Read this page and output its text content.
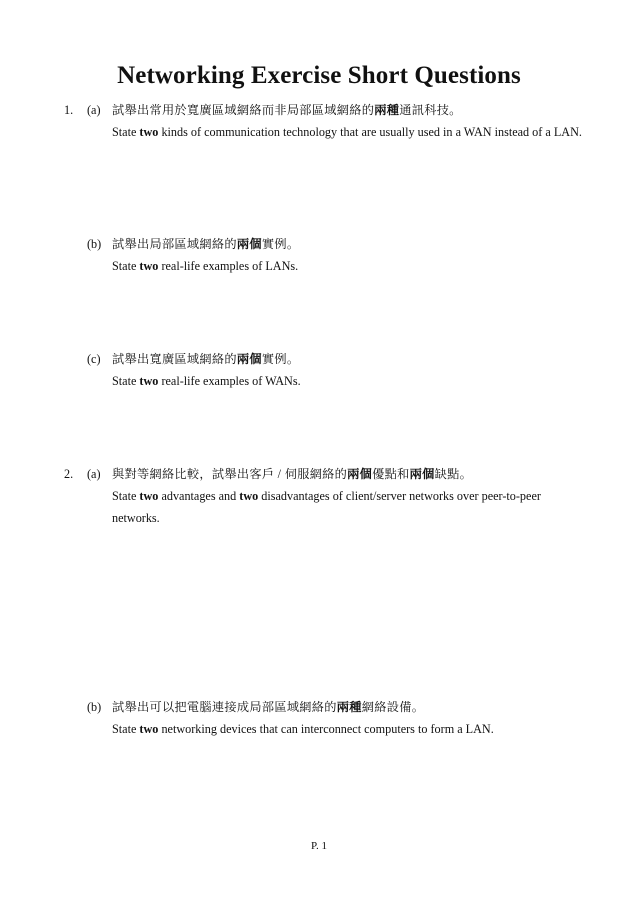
Networking Exercise Short Questions
1. (a) 試舉出常用於寬廣區域網絡而非局部區域網絡的兩種通訊科技。
State two kinds of communication technology that are usually used in a WAN instead of a LAN.
(b) 試舉出局部區域網絡的兩個實例。
State two real-life examples of LANs.
(c) 試舉出寬廣區域網絡的兩個實例。
State two real-life examples of WANs.
2. (a) 與對等網絡比較，試舉出客戶 / 伺服網絡的兩個優點和兩個缺點。
State two advantages and two disadvantages of client/server networks over peer-to-peer networks.
(b) 試舉出可以把電腦連接成局部區域網絡的兩種網絡設備。
State two networking devices that can interconnect computers to form a LAN.
P. 1
